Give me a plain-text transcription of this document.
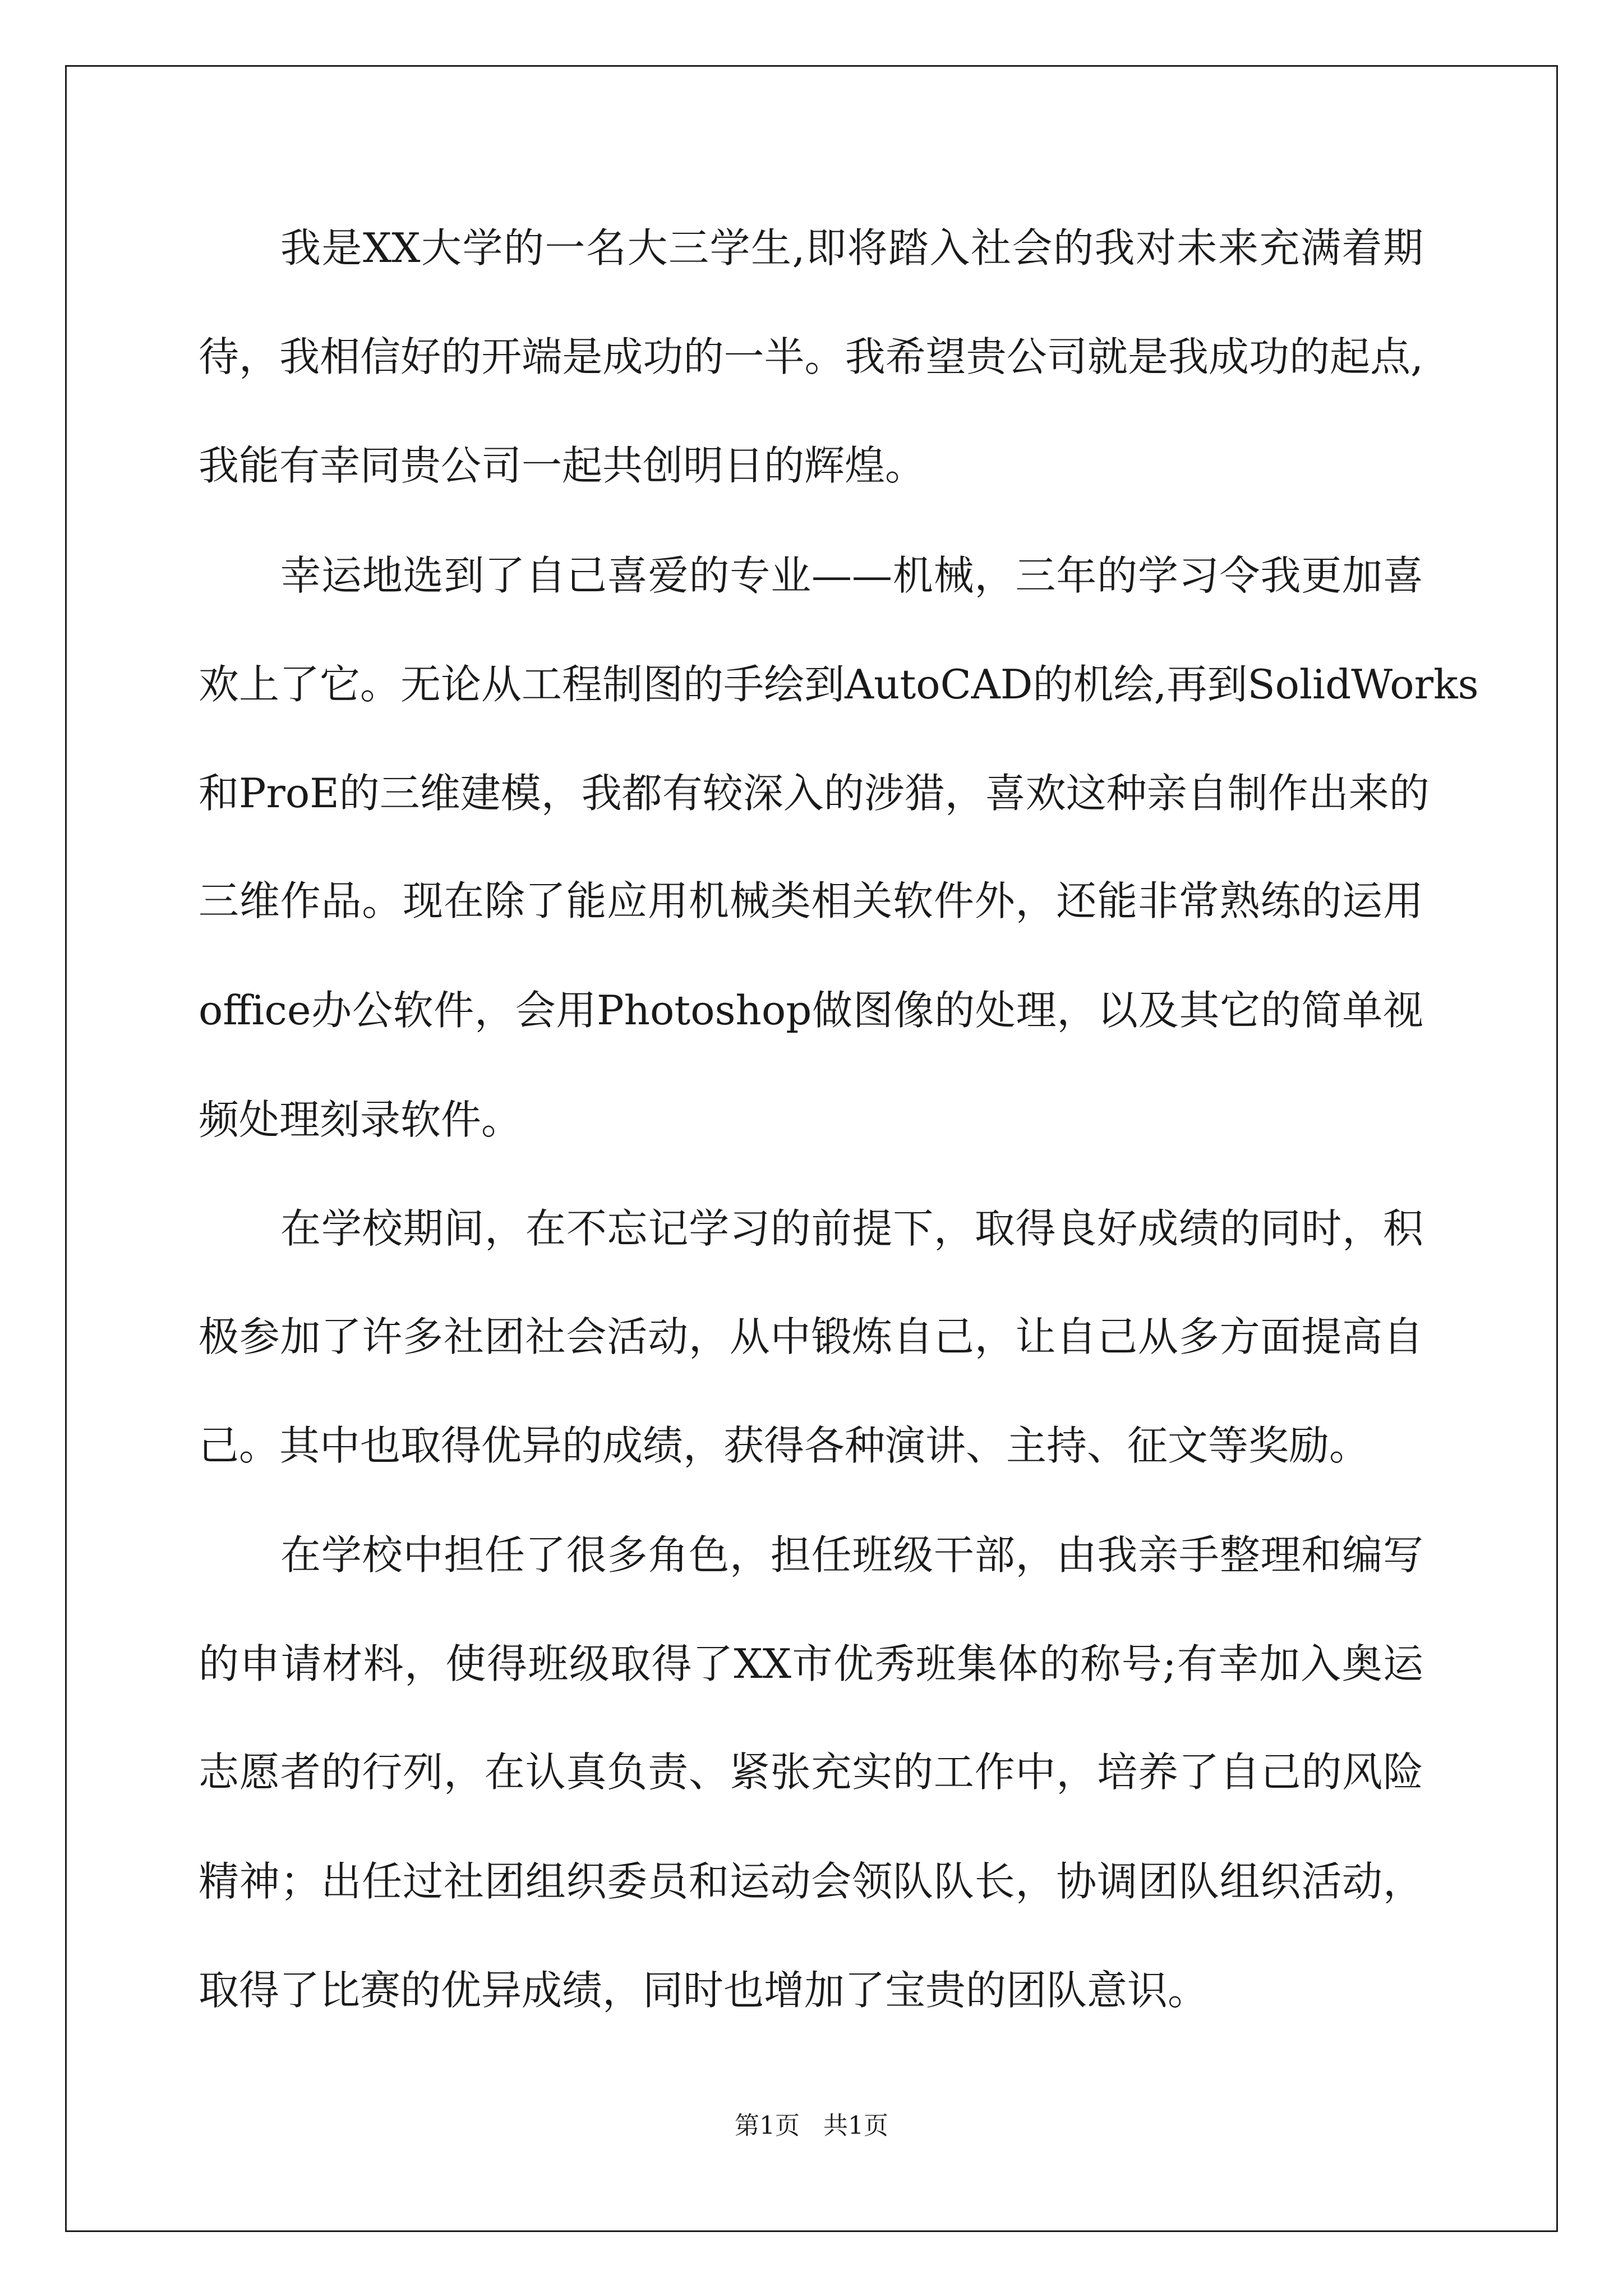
我是XX大学的一名大三学生,即将踏入社会的我对未来充满着期
待，我相信好的开端是成功的一半。我希望贵公司就是我成功的起点,
我能有幸同贵公司一起共创明日的辉煌。
幸运地选到了自己喜爱的专业——机械，三年的学习令我更加喜
欢上了它。无论从工程制图的手绘到AutoCAD的机绘,再到SolidWorks
和ProE的三维建模，我都有较深入的涉猎，喜欢这种亲自制作出来的
三维作品。现在除了能应用机械类相关软件外，还能非常熟练的运用
office办公软件，会用Photoshop做图像的处理，以及其它的简单视
频处理刻录软件。
在学校期间，在不忘记学习的前提下，取得良好成绩的同时，积
极参加了许多社团社会活动，从中锻炼自己，让自己从多方面提高自
己。其中也取得优异的成绩，获得各种演讲、主持、征文等奖励。
在学校中担任了很多角色，担任班级干部，由我亲手整理和编写
的申请材料，使得班级取得了XX市优秀班集体的称号;有幸加入奥运
志愿者的行列，在认真负责、紧张充实的工作中，培养了自己的风险
精神；出任过社团组织委员和运动会领队队长，协调团队组织活动，
取得了比赛的优异成绩，同时也增加了宝贵的团队意识。
第1页   共1页
